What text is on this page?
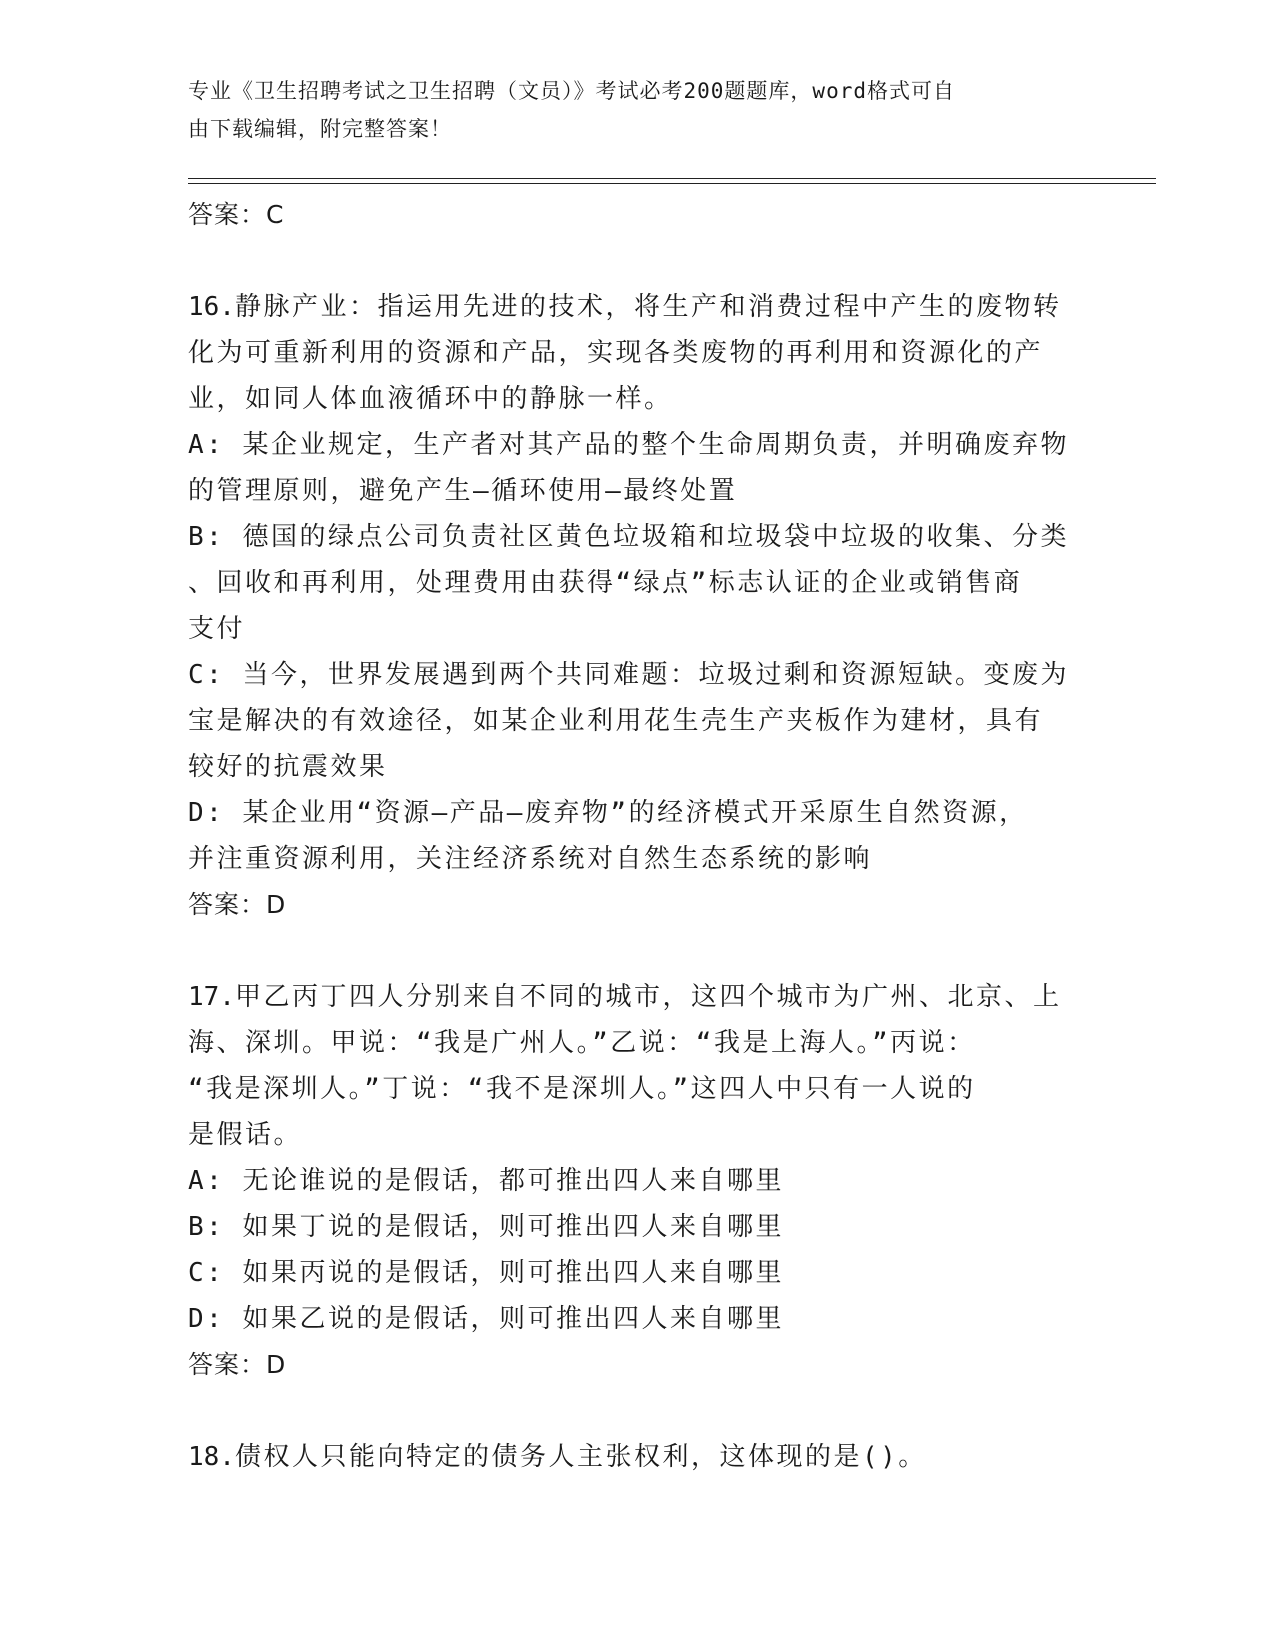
专业《卫生招聘考试之卫生招聘（文员）》考试必考200题题库，word格式可自
由下载编辑，附完整答案！

答案：C

16.静脉产业：指运用先进的技术，将生产和消费过程中产生的废物转

化为可重新利用的资源和产品，实现各类废物的再利用和资源化的产

业，如同人体血液循环中的静脉一样。

A: 某企业规定，生产者对其产品的整个生命周期负责，并明确废弃物

的管理原则，避免产生—循环使用—最终处置

B: 德国的绿点公司负责社区黄色垃圾箱和垃圾袋中垃圾的收集、分类

、回收和再利用，处理费用由获得“绿点”标志认证的企业或销售商

支付

C: 当今，世界发展遇到两个共同难题：垃圾过剩和资源短缺。变废为

宝是解决的有效途径，如某企业利用花生壳生产夹板作为建材，具有

较好的抗震效果

D: 某企业用“资源—产品—废弃物”的经济模式开采原生自然资源，

并注重资源利用，关注经济系统对自然生态系统的影响

答案：D

17.甲乙丙丁四人分别来自不同的城市，这四个城市为广州、北京、上

海、深圳。甲说：“我是广州人。”乙说：“我是上海人。”丙说：

“我是深圳人。”丁说：“我不是深圳人。”这四人中只有一人说的

是假话。

A: 无论谁说的是假话，都可推出四人来自哪里

B: 如果丁说的是假话，则可推出四人来自哪里

C: 如果丙说的是假话，则可推出四人来自哪里

D: 如果乙说的是假话，则可推出四人来自哪里

答案：D

18.债权人只能向特定的债务人主张权利，这体现的是()。
